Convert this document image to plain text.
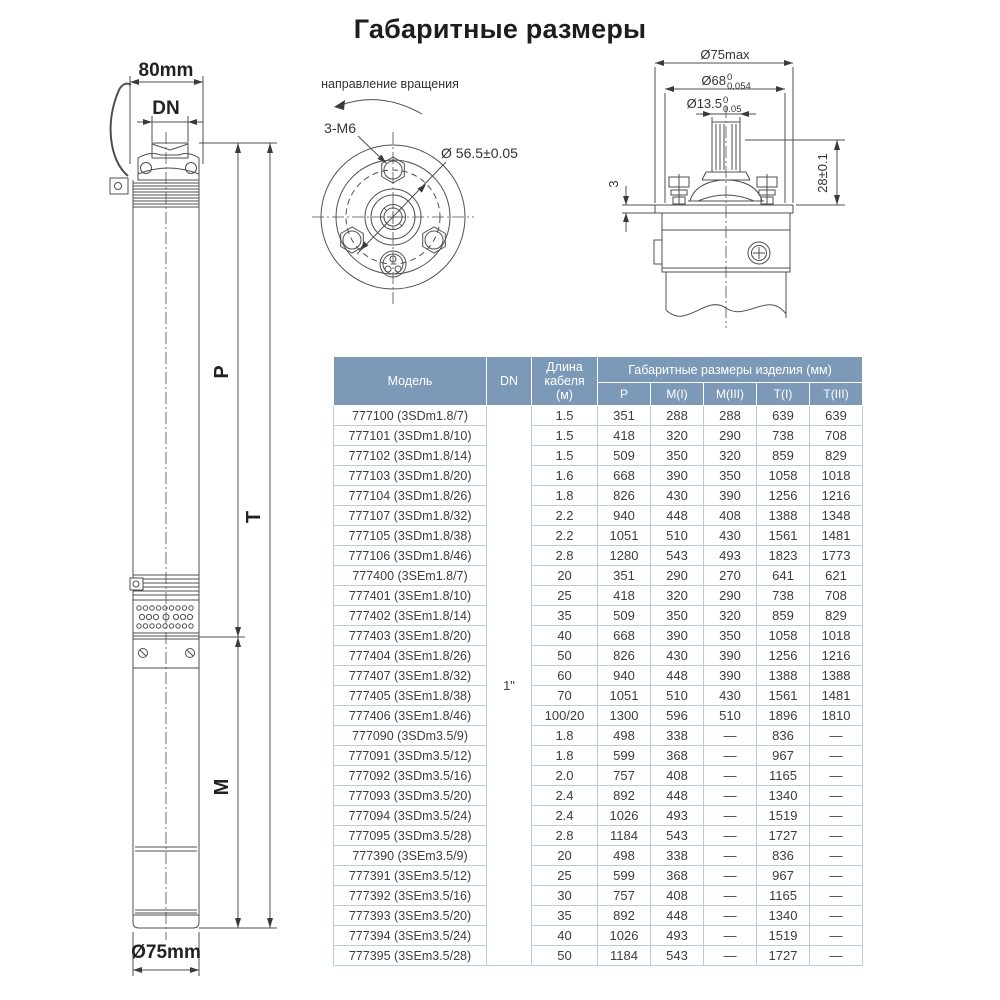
Габаритные размеры
80mm
DN
P
T
M
Ø75mm
направление вращения
3-М6
Ø 56.5±0.05
Ø75max
Ø68 0
0.054
Ø13.5 0
0.05
28±0.1
3
Модель	DN	Длина кабеля (м)	Габаритные размеры изделия (мм)				
			Р	М(I)	М(III)	Т(I)	Т(III)
777100 (3SDm1.8/7)	1"	1.5	351	288	288	639	639
777101 (3SDm1.8/10)		1.5	418	320	290	738	708
777102 (3SDm1.8/14)		1.5	509	350	320	859	829
777103 (3SDm1.8/20)		1.6	668	390	350	1058	1018
777104 (3SDm1.8/26)		1.8	826	430	390	1256	1216
777107 (3SDm1.8/32)		2.2	940	448	408	1388	1348
777105 (3SDm1.8/38)		2.2	1051	510	430	1561	1481
777106 (3SDm1.8/46)		2.8	1280	543	493	1823	1773
777400 (3SEm1.8/7)		20	351	290	270	641	621
777401 (3SEm1.8/10)		25	418	320	290	738	708
777402 (3SEm1.8/14)		35	509	350	320	859	829
777403 (3SEm1.8/20)		40	668	390	350	1058	1018
777404 (3SEm1.8/26)		50	826	430	390	1256	1216
777407 (3SEm1.8/32)		60	940	448	390	1388	1388
777405 (3SEm1.8/38)		70	1051	510	430	1561	1481
777406 (3SEm1.8/46)		100/20	1300	596	510	1896	1810
777090 (3SDm3.5/9)		1.8	498	338	—	836	—
777091 (3SDm3.5/12)		1.8	599	368	—	967	—
777092 (3SDm3.5/16)		2.0	757	408	—	1165	—
777093 (3SDm3.5/20)		2.4	892	448	—	1340	—
777094 (3SDm3.5/24)		2.4	1026	493	—	1519	—
777095 (3SDm3.5/28)		2.8	1184	543	—	1727	—
777390 (3SEm3.5/9)		20	498	338	—	836	—
777391 (3SEm3.5/12)		25	599	368	—	967	—
777392 (3SEm3.5/16)		30	757	408	—	1165	—
777393 (3SEm3.5/20)		35	892	448	—	1340	—
777394 (3SEm3.5/24)		40	1026	493	—	1519	—
777395 (3SEm3.5/28)		50	1184	543	—	1727	—
